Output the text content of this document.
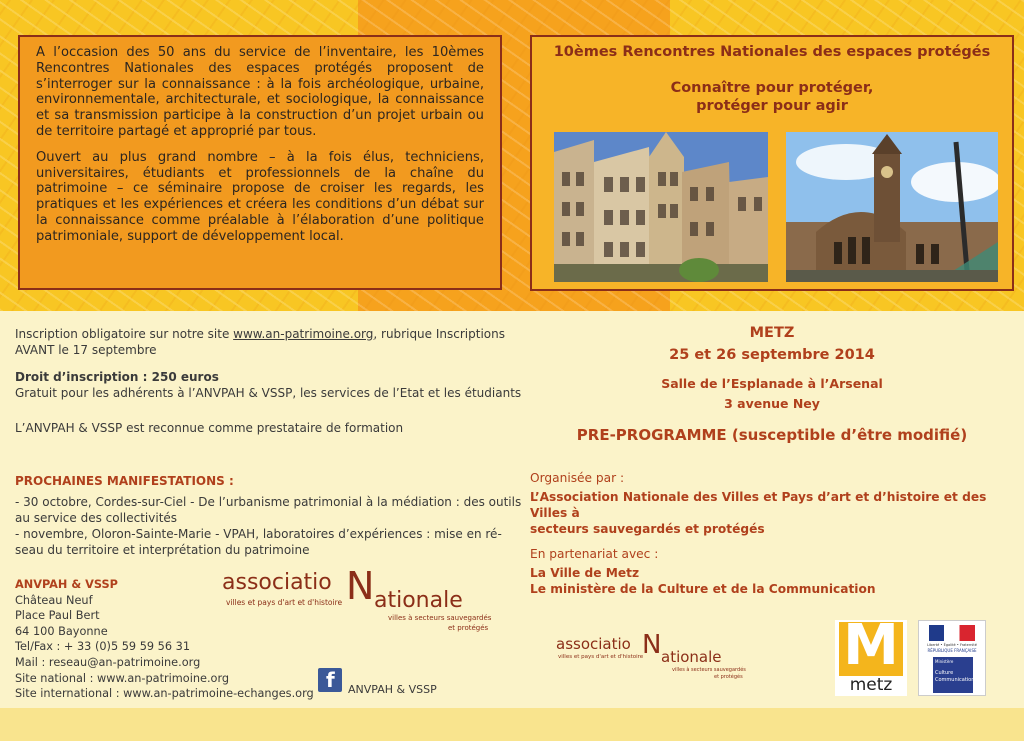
A l’occasion des 50 ans du service de l’inventaire, les 10èmes Rencontres Nationales des espaces protégés proposent de s’interroger sur la connaissance : à la fois archéologique, urbaine, environnementale, architecturale, et sociologique, la connaissance et sa transmission participe à la construction d’un projet urbain ou de territoire partagé et approprié par tous.

Ouvert au plus grand nombre – à la fois élus, techniciens, universitaires, étudiants et professionnels de la chaîne du patrimoine – ce séminaire propose de croiser les regards, les pratiques et les expériences et créera les conditions d’un débat sur la connaissance comme préalable à l’élaboration d’une politique patrimoniale, support de développement local.

10èmes Rencontres Nationales des espaces protégés
Connaître pour protéger,
protéger pour agir
Inscription obligatoire sur notre site www.an-patrimoine.org, rubrique Inscriptions
AVANT le 17 septembre
Droit d’inscription : 250 euros
Gratuit pour les adhérents à l’ANVPAH & VSSP, les services de l’Etat et les étudiants
L’ANVPAH & VSSP est reconnue comme prestataire de formation
PROCHAINES MANIFESTATIONS :
- 30 octobre, Cordes-sur-Ciel - De l’urbanisme patrimonial à la médiation : des outils
au service des collectivités
- novembre, Oloron-Sainte-Marie - VPAH, laboratoires d’expériences : mise en ré-
seau du territoire et interprétation du patrimoine
ANVPAH & VSSP
Château Neuf
Place Paul Bert
64 100 Bayonne
Tel/Fax : + 33 (0)5 59 59 56 31
Mail : reseau@an-patrimoine.org
Site national : www.an-patrimoine.org
Site international : www.an-patrimoine-echanges.org
associatio N ationale
villes et pays d'art et d'histoire
villes à secteurs sauvegardés
et protégés
f ANVPAH & VSSP
METZ
25 et 26 septembre 2014
Salle de l’Esplanade à l’Arsenal
3 avenue Ney
PRE-PROGRAMME (susceptible d’être modifié)
Organisée par :
L’Association Nationale des Villes et Pays d’art et d’histoire et des Villes à
secteurs sauvegardés et protégés
En partenariat avec :
La Ville de Metz
Le ministère de la Culture et de la Communication
associatio N ationale
villes et pays d'art et d'histoire
villes à secteurs sauvegardés
et protégés M
metz
Liberté • Égalité • Fraternité
RÉPUBLIQUE FRANÇAISE
Ministère
Culture
Communication
